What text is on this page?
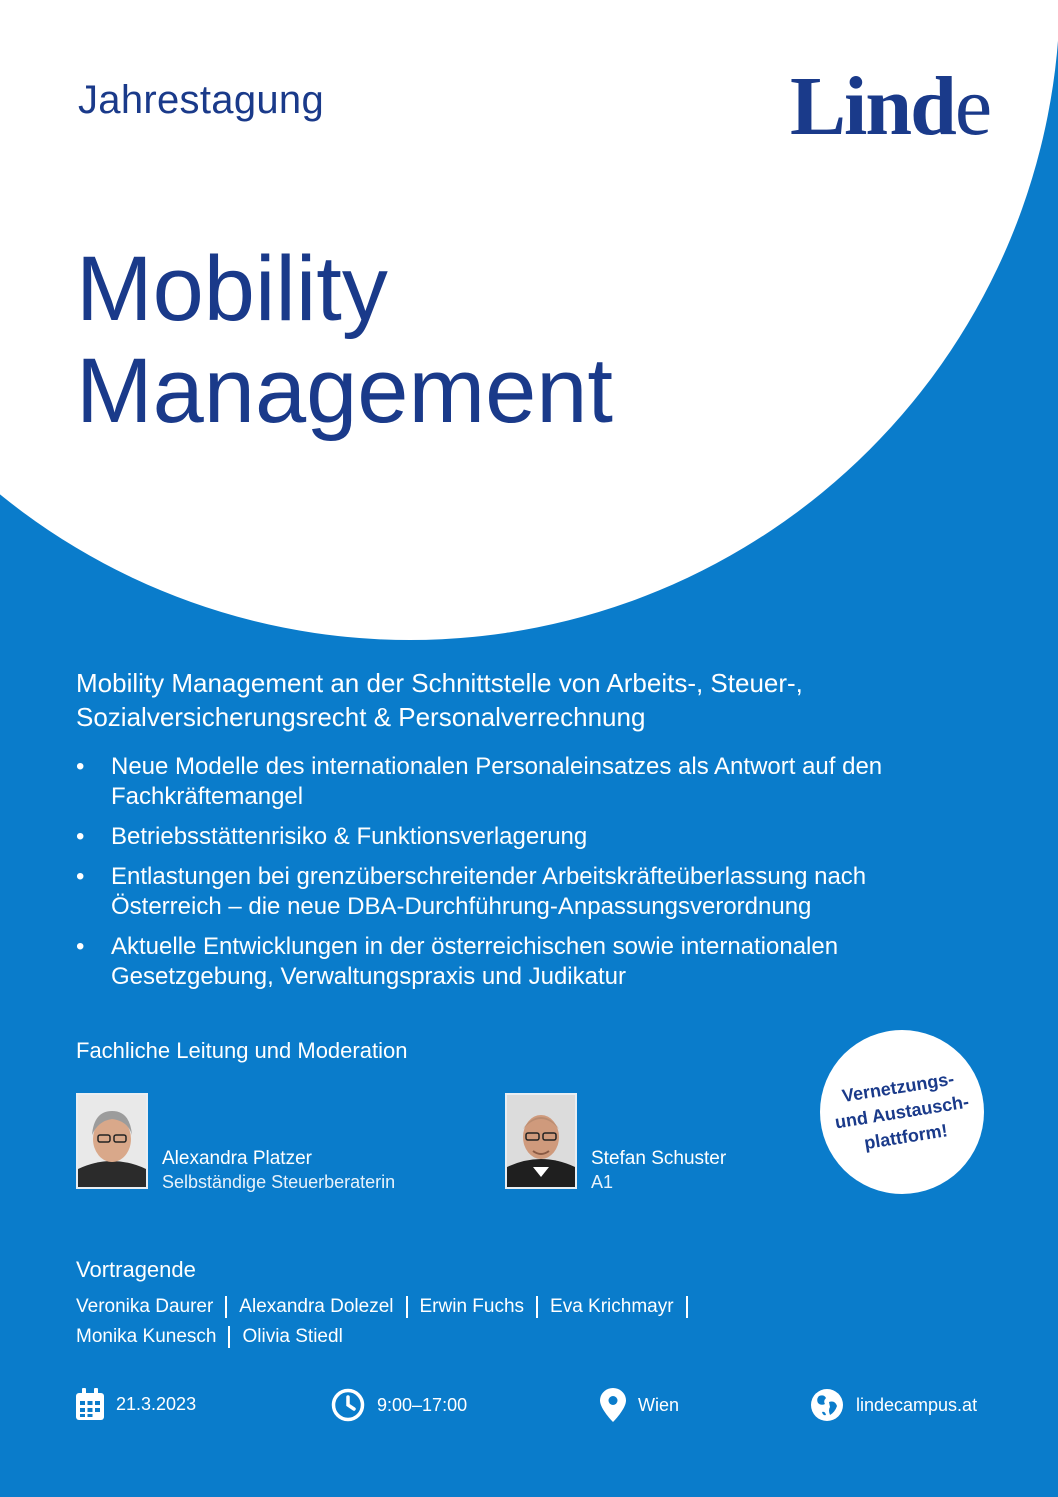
Jahrestagung	Linde
Mobility
Management
Mobility Management an der Schnittstelle von Arbeits-, Steuer-, Sozialversicherungsrecht & Personalverrechnung
• Neue Modelle des internationalen Personaleinsatzes als Antwort auf den Fachkräftemangel
• Betriebsstättenrisiko & Funktionsverlagerung
• Entlastungen bei grenzüberschreitender Arbeitskräfteüberlassung nach Österreich – die neue DBA-Durchführung-Anpassungsverordnung
• Aktuelle Entwicklungen in der österreichischen sowie internationalen Gesetzgebung, Verwaltungspraxis und Judikatur
Fachliche Leitung und Moderation
Alexandra Platzer
Selbständige Steuerberaterin
Stefan Schuster
A1
Vernetzungs-
und Austausch-
plattform!
Vortragende
Veronika Daurer Alexandra Dolezel Erwin Fuchs Eva Krichmayr
Monika Kunesch Olivia Stiedl
21.3.2023	9:00–17:00	Wien	lindecampus.at
